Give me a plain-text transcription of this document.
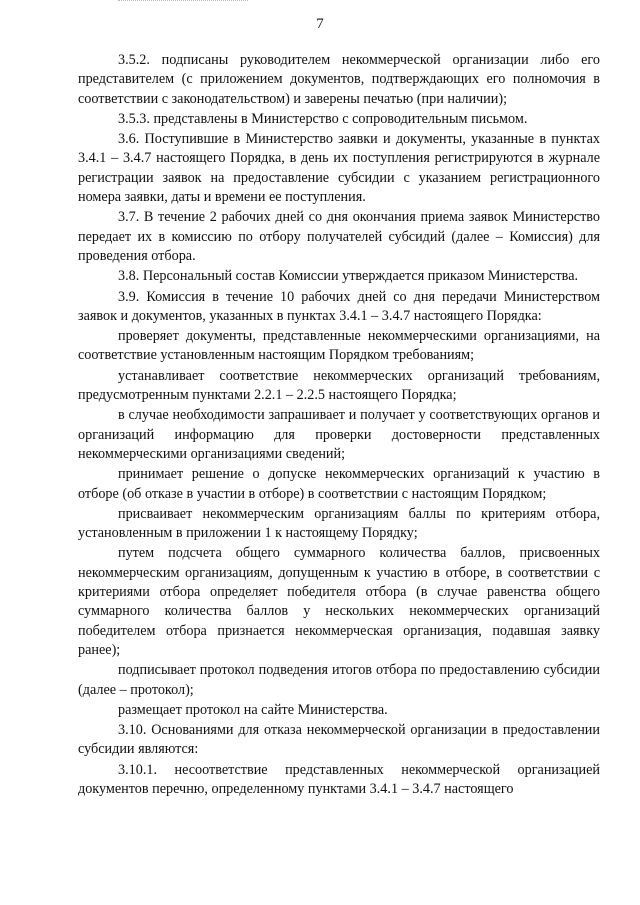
7

3.5.2. подписаны руководителем некоммерческой организации либо его представителем (с приложением документов, подтверждающих его полномочия в соответствии с законодательством) и заверены печатью (при наличии);

3.5.3. представлены в Министерство с сопроводительным письмом.

3.6. Поступившие в Министерство заявки и документы, указанные в пунктах 3.4.1 – 3.4.7 настоящего Порядка, в день их поступления регистрируются в журнале регистрации заявок на предоставление субсидии с указанием регистрационного номера заявки, даты и времени ее поступления.

3.7. В течение 2 рабочих дней со дня окончания приема заявок Министерство передает их в комиссию по отбору получателей субсидий (далее – Комиссия) для проведения отбора.

3.8. Персональный состав Комиссии утверждается приказом Министерства.

3.9. Комиссия в течение 10 рабочих дней со дня передачи Министерством заявок и документов, указанных в пунктах 3.4.1 – 3.4.7 настоящего Порядка:

проверяет документы, представленные некоммерческими организациями, на соответствие установленным настоящим Порядком требованиям;

устанавливает соответствие некоммерческих организаций требованиям, предусмотренным пунктами 2.2.1 – 2.2.5 настоящего Порядка;

в случае необходимости запрашивает и получает у соответствующих органов и организаций информацию для проверки достоверности представленных некоммерческими организациями сведений;

принимает решение о допуске некоммерческих организаций к участию в отборе (об отказе в участии в отборе) в соответствии с настоящим Порядком;

присваивает некоммерческим организациям баллы по критериям отбора, установленным в приложении 1 к настоящему Порядку;

путем подсчета общего суммарного количества баллов, присвоенных некоммерческим организациям, допущенным к участию в отборе, в соответствии с критериями отбора определяет победителя отбора (в случае равенства общего суммарного количества баллов у нескольких некоммерческих организаций победителем отбора признается некоммерческая организация, подавшая заявку ранее);

подписывает протокол подведения итогов отбора по предоставлению субсидии (далее – протокол);

размещает протокол на сайте Министерства.

3.10. Основаниями для отказа некоммерческой организации в предоставлении субсидии являются:

3.10.1. несоответствие представленных некоммерческой организацией документов перечню, определенному пунктами 3.4.1 – 3.4.7 настоящего
